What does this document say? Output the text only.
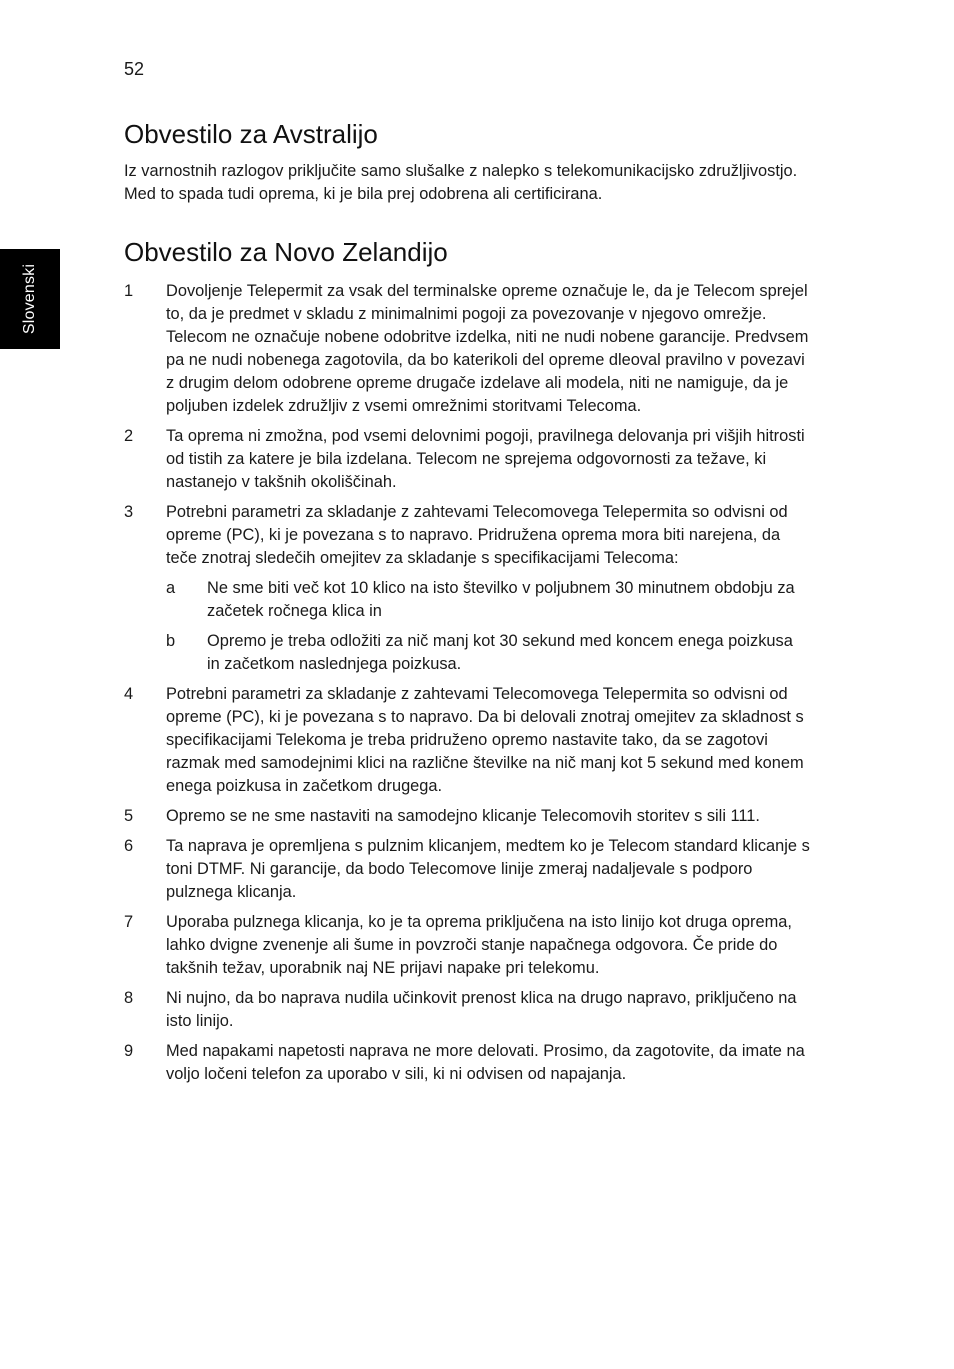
52
Slovenski
Obvestilo za Avstralijo

Iz varnostnih razlogov priključite samo slušalke z nalepko s telekomunikacijsko združljivostjo. Med to spada tudi oprema, ki je bila prej odobrena ali certificirana.

Obvestilo za Novo Zelandijo
1	Dovoljenje Telepermit za vsak del terminalske opreme označuje le, da je Telecom sprejel to, da je predmet v skladu z minimalnimi pogoji za povezovanje v njegovo omrežje. Telecom ne označuje nobene odobritve izdelka, niti ne nudi nobene garancije. Predvsem pa ne nudi nobenega zagotovila, da bo katerikoli del opreme dleoval pravilno v povezavi z drugim delom odobrene opreme drugače izdelave ali modela, niti ne namiguje, da je poljuben izdelek združljiv z vsemi omrežnimi storitvami Telecoma.
2	Ta oprema ni zmožna, pod vsemi delovnimi pogoji, pravilnega delovanja pri višjih hitrosti od tistih za katere je bila izdelana. Telecom ne sprejema odgovornosti za težave, ki nastanejo v takšnih okoliščinah.
3	Potrebni parametri za skladanje z zahtevami Telecomovega Telepermita so odvisni od opreme (PC), ki je povezana s to napravo. Pridružena oprema mora biti narejena, da teče znotraj sledečih omejitev za skladanje s specifikacijami Telecoma:
a	Ne sme biti več kot 10 klico na isto številko v poljubnem 30 minutnem obdobju za začetek ročnega klica in
b	Opremo je treba odložiti za nič manj kot 30 sekund med koncem enega poizkusa in začetkom naslednjega poizkusa.
4	Potrebni parametri za skladanje z zahtevami Telecomovega Telepermita so odvisni od opreme (PC), ki je povezana s to napravo. Da bi delovali znotraj omejitev za skladnost s specifikacijami Telekoma je treba pridruženo opremo nastavite tako, da se zagotovi razmak med samodejnimi klici na različne številke na nič manj kot 5 sekund med konem enega poizkusa in začetkom drugega.
5	Opremo se ne sme nastaviti na samodejno klicanje Telecomovih storitev s sili 111.
6	Ta naprava je opremljena s pulznim klicanjem, medtem ko je Telecom standard klicanje s toni DTMF. Ni garancije, da bodo Telecomove linije zmeraj nadaljevale s podporo pulznega klicanja.
7	Uporaba pulznega klicanja, ko je ta oprema priključena na isto linijo kot druga oprema, lahko dvigne zvenenje ali šume in povzroči stanje napačnega odgovora. Če pride do takšnih težav, uporabnik naj NE prijavi napake pri telekomu.
8	Ni nujno, da bo naprava nudila učinkovit prenost klica na drugo napravo, priključeno na isto linijo.
9	Med napakami napetosti naprava ne more delovati. Prosimo, da zagotovite, da imate na voljo ločeni telefon za uporabo v sili, ki ni odvisen od napajanja.
